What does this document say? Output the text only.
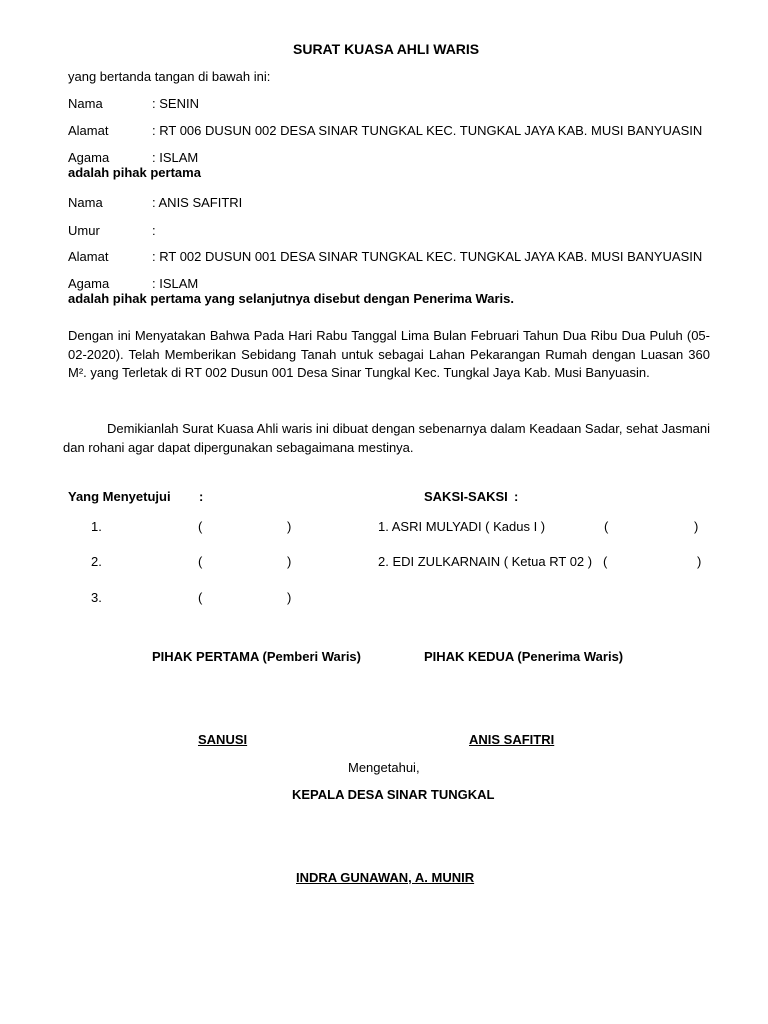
SURAT KUASA AHLI WARIS
yang bertanda tangan di bawah ini:
Nama	: SENIN
Alamat	: RT 006 DUSUN 002 DESA SINAR TUNGKAL KEC. TUNGKAL JAYA KAB. MUSI BANYUASIN
Agama	: ISLAM
adalah pihak pertama
Nama	: ANIS SAFITRI
Umur	:
Alamat	: RT 002 DUSUN 001 DESA SINAR TUNGKAL KEC. TUNGKAL JAYA KAB. MUSI BANYUASIN
Agama	: ISLAM
adalah pihak pertama yang selanjutnya disebut dengan Penerima Waris.
Dengan ini Menyatakan Bahwa Pada Hari Rabu Tanggal Lima Bulan Februari Tahun Dua Ribu Dua Puluh (05-02-2020). Telah Memberikan Sebidang Tanah untuk sebagai Lahan Pekarangan Rumah dengan Luasan 360 M². yang Terletak di RT 002 Dusun 001 Desa Sinar Tungkal Kec. Tungkal Jaya Kab. Musi Banyuasin.
Demikianlah Surat Kuasa Ahli waris ini dibuat dengan sebenarnya dalam Keadaan Sadar, sehat Jasmani dan rohani agar dapat dipergunakan sebagaimana mestinya.
Yang Menyetujui :
1.	(	)
2.	(	)
3.	(	)
SAKSI-SAKSI :
1. ASRI MULYADI ( Kadus I )	(	)
2. EDI ZULKARNAIN ( Ketua RT 02 ) (	)
PIHAK PERTAMA (Pemberi Waris)	PIHAK KEDUA (Penerima Waris)
SANUSI	ANIS SAFITRI
Mengetahui,
KEPALA DESA SINAR TUNGKAL
INDRA GUNAWAN, A. MUNIR
